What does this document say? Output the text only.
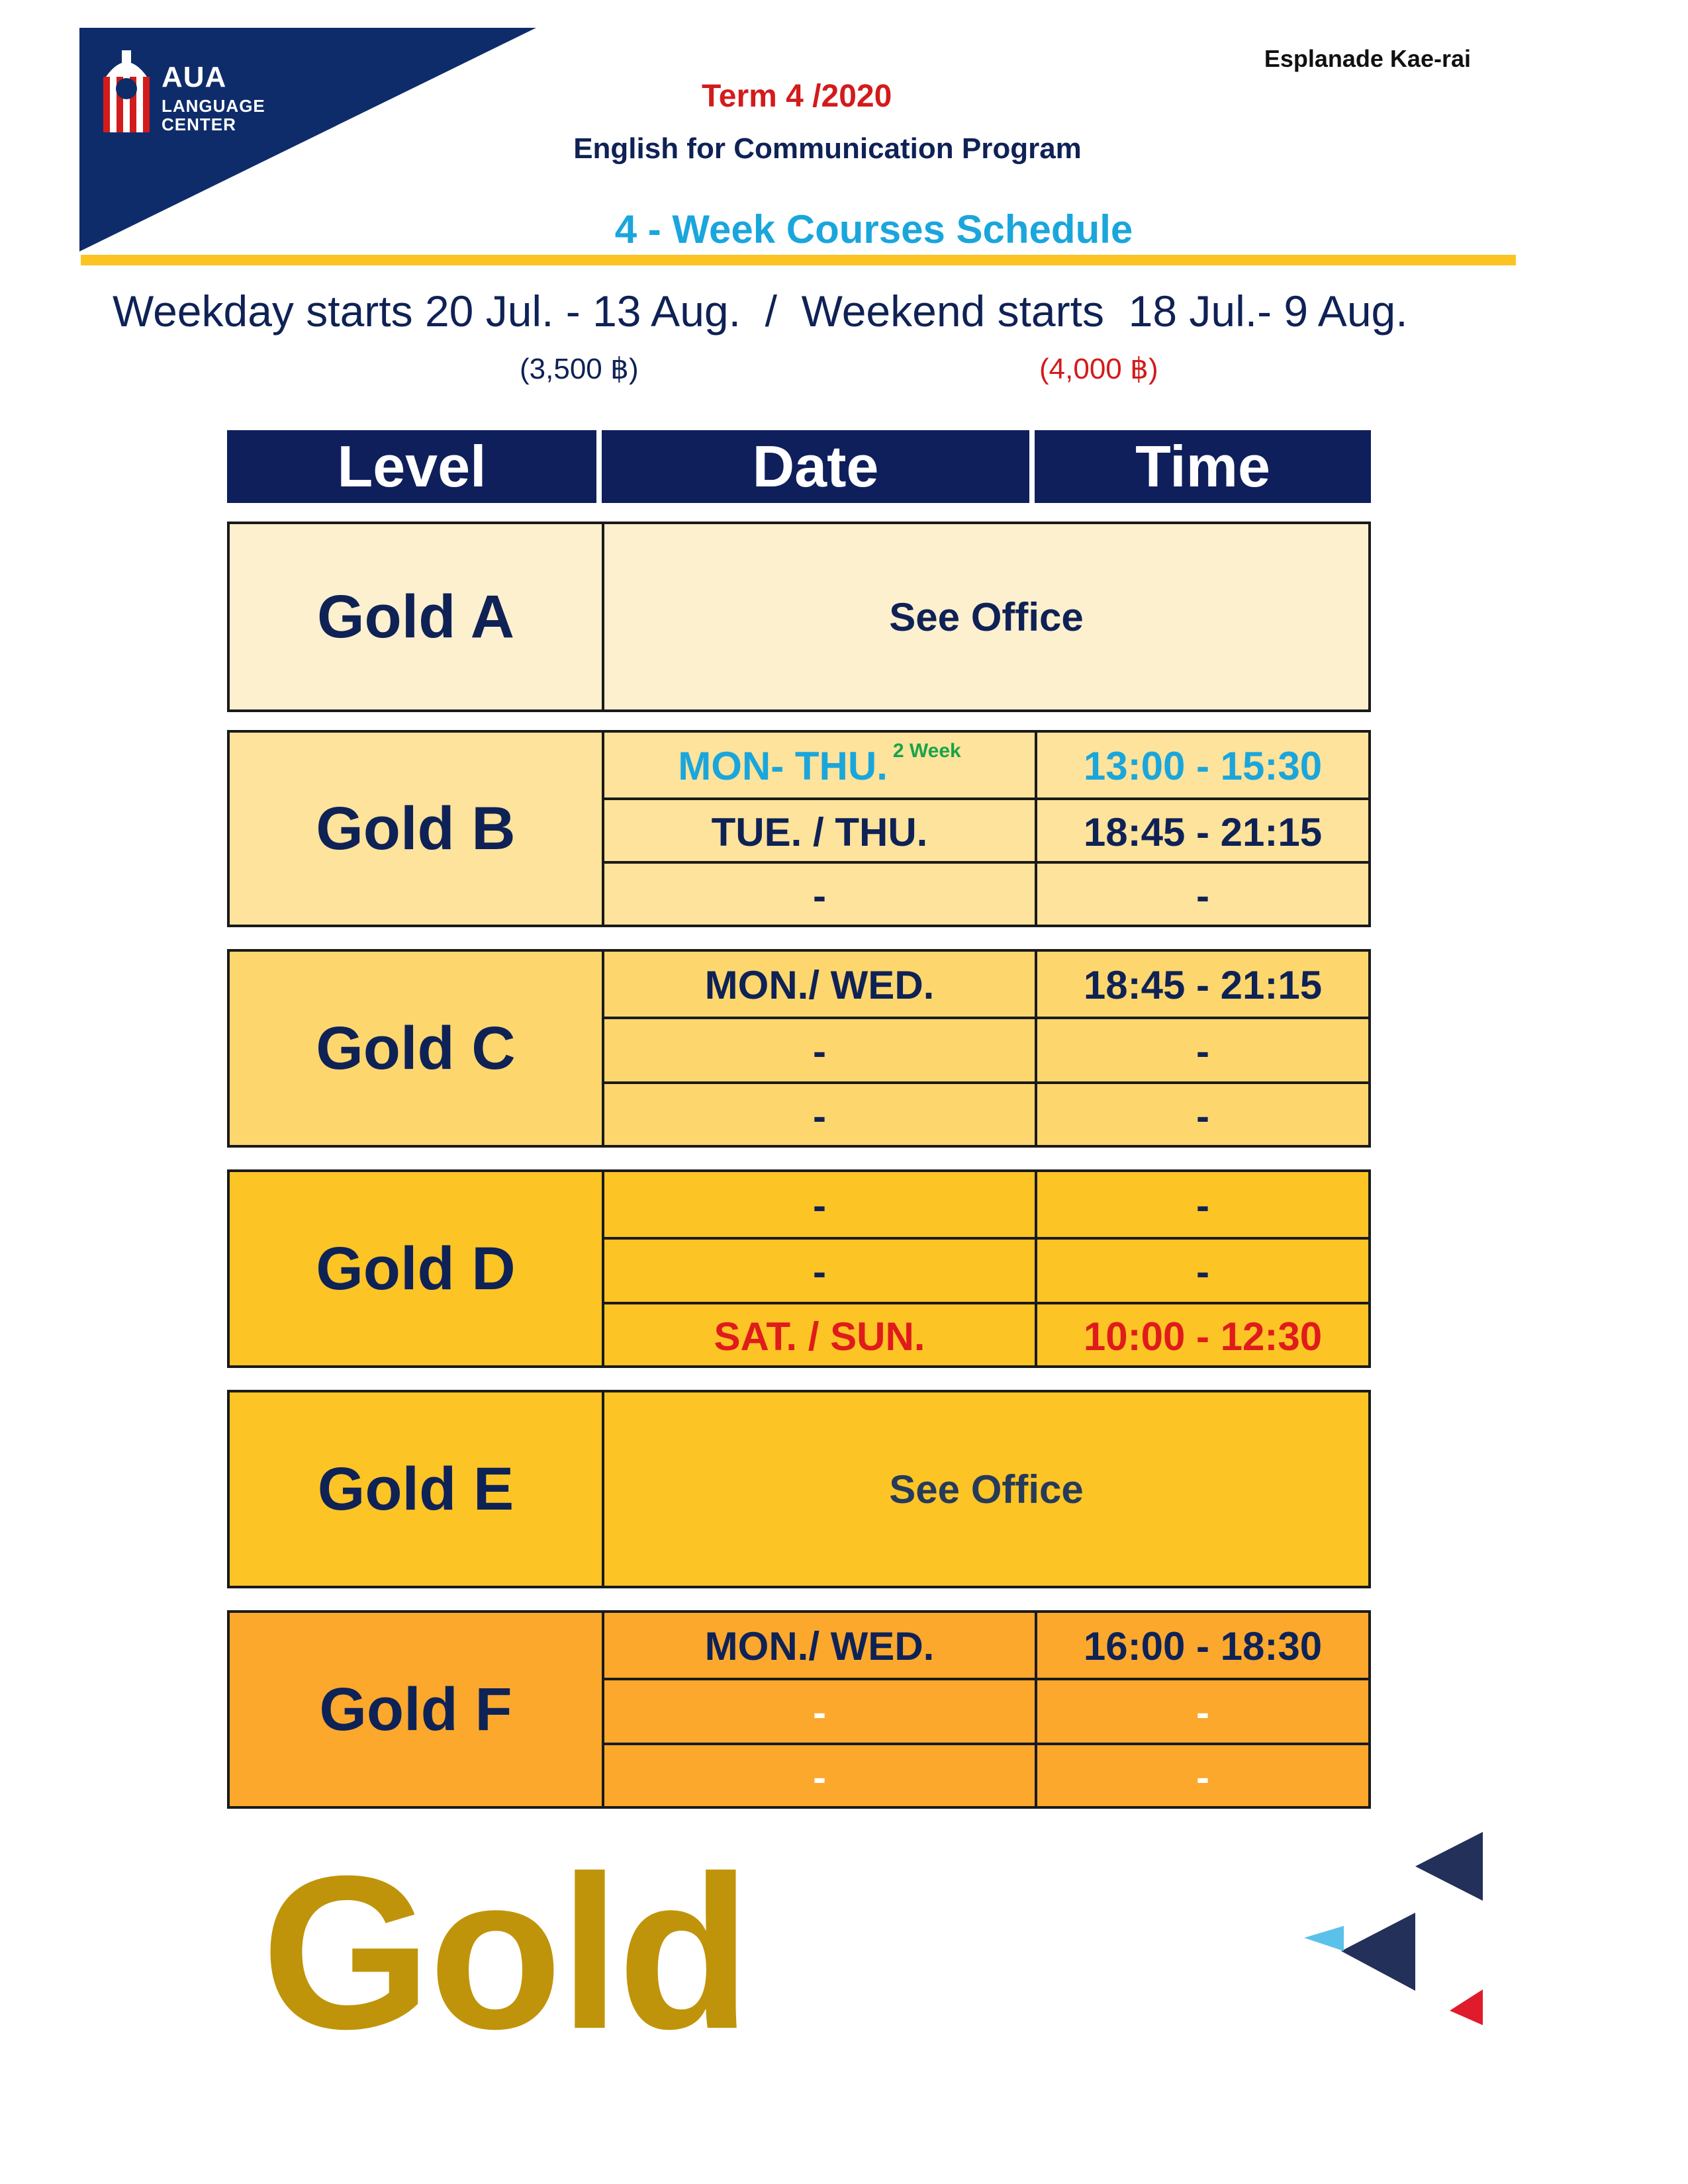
AUA
LANGUAGE
CENTER
Esplanade Kae-rai
Term 4 /2020
English for Communication Program
4 - Week Courses Schedule
Weekday starts 20 Jul. - 13 Aug.  /  Weekend starts  18 Jul.- 9 Aug.
(3,500 ฿)	(4,000 ฿)
Level	Date	Time
Gold A	See Office
Gold B
MON- THU. 2 Week	13:00 - 15:30
TUE. / THU.	18:45 - 21:15
-	-
Gold C
MON./ WED.	18:45 - 21:15
-	-
-	-
Gold D
-	-
-	-
SAT. / SUN.	10:00 - 12:30
Gold E	See Office
Gold F
MON./ WED.	16:00 - 18:30
-	-
-	-
Gold
